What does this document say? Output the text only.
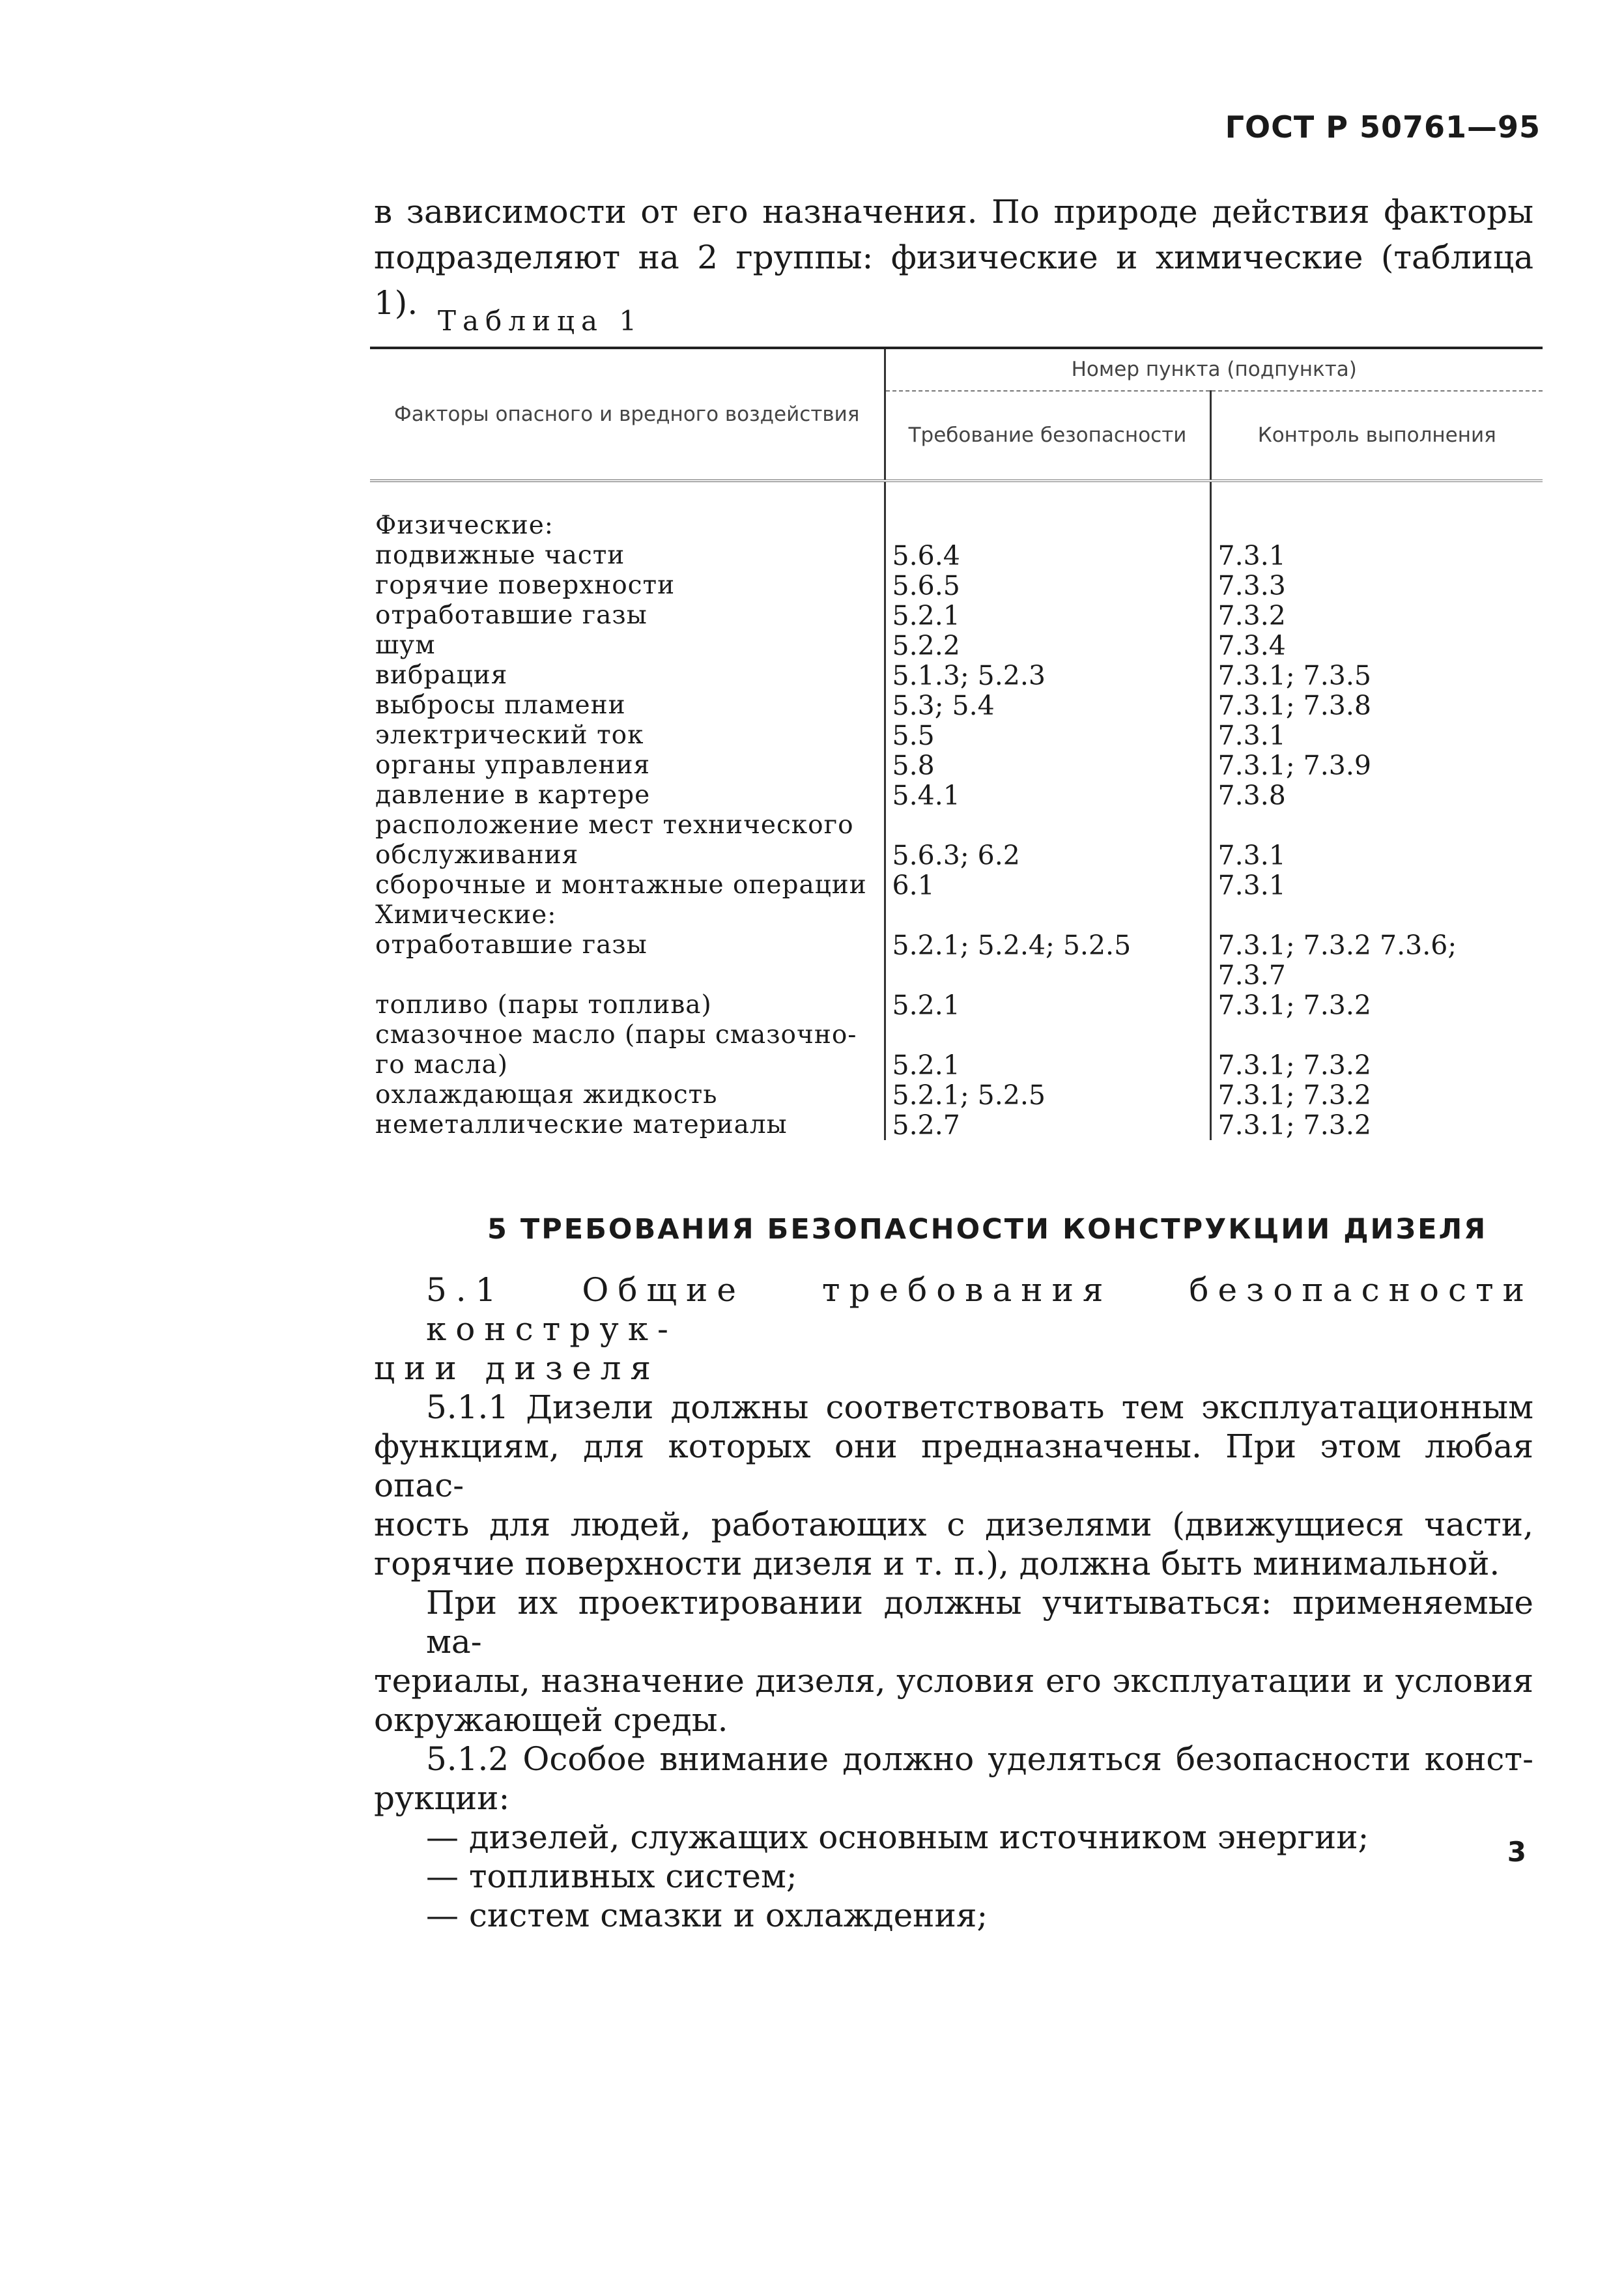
ГОСТ Р 50761—95
в зависимости от его назначения. По природе действия факторы
подразделяют на 2 группы: физические и химические (таблица 1). Таблица 1
Факторы опасного и вредного воздействия	Номер пункта (подпункта)	
	Требование безопасности	Контроль выполнения

Физические:		
подвижные части	5.6.4	7.3.1
горячие поверхности	5.6.5	7.3.3
отработавшие газы	5.2.1	7.3.2
шум	5.2.2	7.3.4
вибрация	5.1.3; 5.2.3	7.3.1; 7.3.5
выбросы пламени	5.3; 5.4	7.3.1; 7.3.8
электрический ток	5.5	7.3.1
органы управления	5.8	7.3.1; 7.3.9
давление в картере	5.4.1	7.3.8
расположение мест технического		
обслуживания	5.6.3; 6.2	7.3.1
сборочные и монтажные операции	6.1	7.3.1
Химические:		
отработавшие газы	5.2.1; 5.2.4; 5.2.5	7.3.1; 7.3.2 7.3.6;
		7.3.7
топливо (пары топлива)	5.2.1	7.3.1; 7.3.2
смазочное масло (пары смазочно-		
го масла)	5.2.1	7.3.1; 7.3.2
охлаждающая жидкость	5.2.1; 5.2.5	7.3.1; 7.3.2
неметаллические материалы	5.2.7	7.3.1; 7.3.2
5 ТРЕБОВАНИЯ БЕЗОПАСНОСТИ КОНСТРУКЦИИ ДИЗЕЛЯ
5.1 Общие требования безопасности конструк-
ции дизеля
5.1.1 Дизели должны соответствовать тем эксплуатационным
функциям, для которых они предназначены. При этом любая опас-
ность для людей, работающих с дизелями (движущиеся части,
горячие поверхности дизеля и т. п.), должна быть минимальной.
При их проектировании должны учитываться: применяемые ма-
териалы, назначение дизеля, условия его эксплуатации и условия
окружающей среды.
5.1.2 Особое внимание должно уделяться безопасности конст-
рукции:
— дизелей, служащих основным источником энергии;
— топливных систем;
— систем смазки и охлаждения;
3
